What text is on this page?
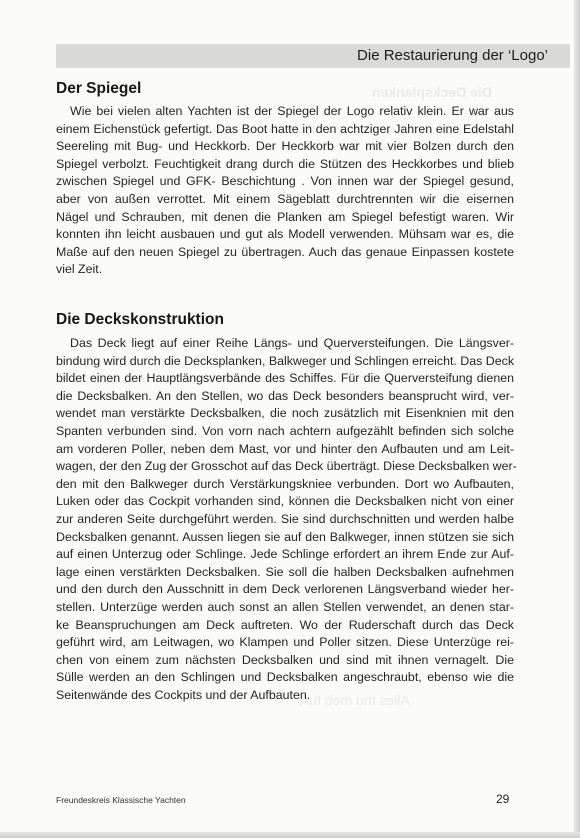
Die Decksplanken
Alles tnu meb tuA
Die Restaurierung der ‘Logo’
Der Spiegel
Wie bei vielen alten Yachten ist der Spiegel der Logo relativ klein. Er war aus
einem Eichenstück gefertigt. Das Boot hatte in den achtziger Jahren eine Edelstahl
Seereling mit Bug- und Heckkorb. Der Heckkorb war mit vier Bolzen durch den
Spiegel verbolzt. Feuchtigkeit drang durch die Stützen des Heckkorbes und blieb
zwischen Spiegel und GFK- Beschichtung . Von innen war der Spiegel gesund,
aber von außen verrottet. Mit einem Sägeblatt durchtrennten wir die eisernen
Nägel und Schrauben, mit denen die Planken am Spiegel befestigt waren. Wir
konnten ihn leicht ausbauen und gut als Modell verwenden. Mühsam war es, die
Maße auf den neuen Spiegel zu übertragen. Auch das genaue Einpassen kostete
viel Zeit.
Die Deckskonstruktion
Das Deck liegt auf einer Reihe Längs- und Querversteifungen. Die Längsver-
bindung wird durch die Decksplanken, Balkweger und Schlingen erreicht. Das Deck
bildet einen der Hauptlängsverbände des Schiffes. Für die Querversteifung dienen
die Decksbalken. An den Stellen, wo das Deck besonders beansprucht wird, ver-
wendet man verstärkte Decksbalken, die noch zusätzlich mit Eisenknien mit den
Spanten verbunden sind. Von vorn nach achtern aufgezählt befinden sich solche
am vorderen Poller, neben dem Mast, vor und hinter den Aufbauten und am Leit-
wagen, der den Zug der Grosschot auf das Deck überträgt. Diese Decksbalken wer-
den mit den Balkweger durch Verstärkungsknieе verbunden. Dort wo Aufbauten,
Luken oder das Cockpit vorhanden sind, können die Decksbalken nicht von einer
zur anderen Seite durchgeführt werden. Sie sind durchschnitten und werden halbe
Decksbalken genannt. Aussen liegen sie auf den Balkweger, innen stützen sie sich
auf einen Unterzug oder Schlinge. Jede Schlinge erfordert an ihrem Ende zur Auf-
lage einen verstärkten Decksbalken. Sie soll die halben Decksbalken aufnehmen
und den durch den Ausschnitt in dem Deck verlorenen Längsverband wieder her-
stellen. Unterzüge werden auch sonst an allen Stellen verwendet, an denen star-
ke Beanspruchungen am Deck auftreten. Wo der Ruderschaft durch das Deck
geführt wird, am Leitwagen, wo Klampen und Poller sitzen. Diese Unterzüge rei-
chen von einem zum nächsten Decksbalken und sind mit ihnen vernagelt. Die
Sülle werden an den Schlingen und Decksbalken angeschraubt, ebenso wie die
Seitenwände des Cockpits und der Aufbauten.
Freundeskreis Klassische Yachten	29
